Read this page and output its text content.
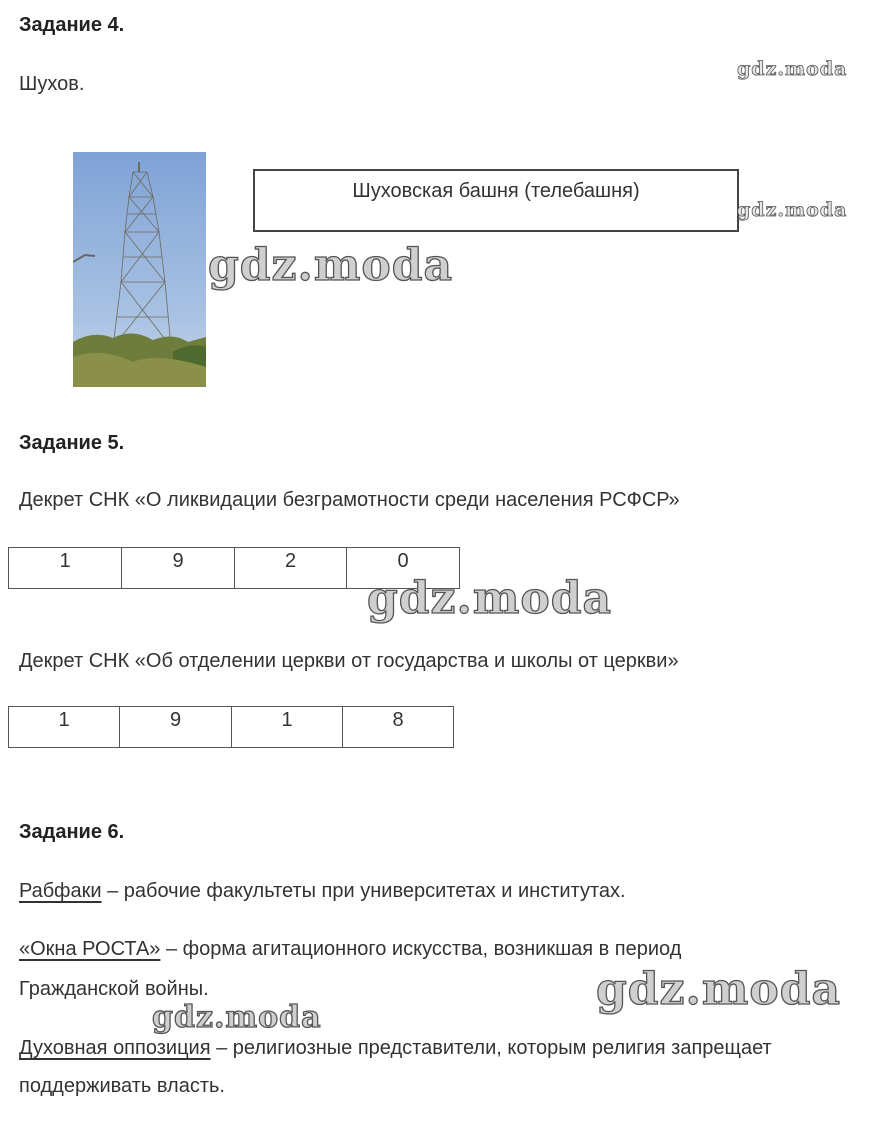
Задание 4.
Шухов.
Шуховская башня (телебашня)
Задание 5.
Декрет СНК «О ликвидации безграмотности среди населения РСФСР»
1	9	2	0
Декрет СНК «Об отделении церкви от государства и школы от церкви»
1	9	1	8
Задание 6.
Рабфаки – рабочие факультеты при университетах и институтах.
«Окна РОСТА» – форма агитационного искусства, возникшая в период
Гражданской войны.
Духовная оппозиция – религиозные представители, которым религия запрещает
поддерживать власть.
gdz.moda
gdz.moda
gdz.moda
gdz.moda
gdz.moda
gdz.moda
